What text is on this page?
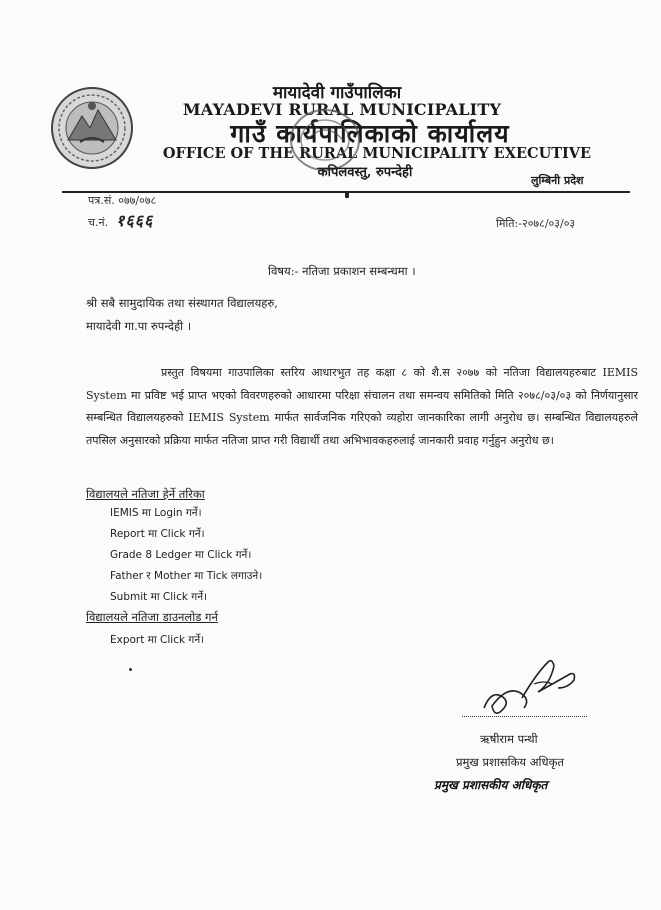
मायादेवी गाउँपालिका
MAYADEVI RURAL MUNICIPALITY
गाउँ कार्यपालिकाको कार्यालय
OFFICE OF THE RURAL MUNICIPALITY EXECUTIVE
कपिलवस्तु, रुपन्देही
लुम्बिनी प्रदेश
पत्र.सं. ०७७/०७८
च.नं. १६६६	मिति:-२०७८/०३/०३
विषय:- नतिजा प्रकाशन सम्बन्धमा ।
श्री सबै सामुदायिक तथा संस्थागत विद्यालयहरु,
मायादेवी गा.पा रुपन्देही ।
प्रस्तुत विषयमा गाउपालिका स्तरिय आधारभुत तह कक्षा ८ को शै.स २०७७ को नतिजा विद्यालयहरुबाट IEMIS System मा प्रविष्ट भई प्राप्त भएको विवरणहरुको आधारमा परिक्षा संचालन तथा समन्वय समितिको मिति २०७८/०३/०३ को निर्णयानुसार सम्बन्धित विद्यालयहरुको IEMIS System मार्फत सार्वजनिक गरिएको व्यहोरा जानकारिका लागी अनुरोध छ। सम्बन्धित विद्यालयहरुले तपसिल अनुसारको प्रक्रिया मार्फत नतिजा प्राप्त गरी विद्यार्थी तथा अभिभावकहरुलाई जानकारी प्रवाह गर्नुहुन अनुरोध छ।
विद्यालयले नतिजा हेर्ने तरिका
IEMIS मा Login गर्ने।
Report मा Click गर्ने।
Grade 8 Ledger मा Click गर्ने।
Father र Mother मा Tick लगाउने।
Submit मा Click गर्ने।
विद्यालयले नतिजा डाउनलोड गर्न
Export मा Click गर्ने।
ऋषीराम पन्थी
प्रमुख प्रशासकिय अधिकृत
प्रमुख प्रशासकीय अधिकृत
